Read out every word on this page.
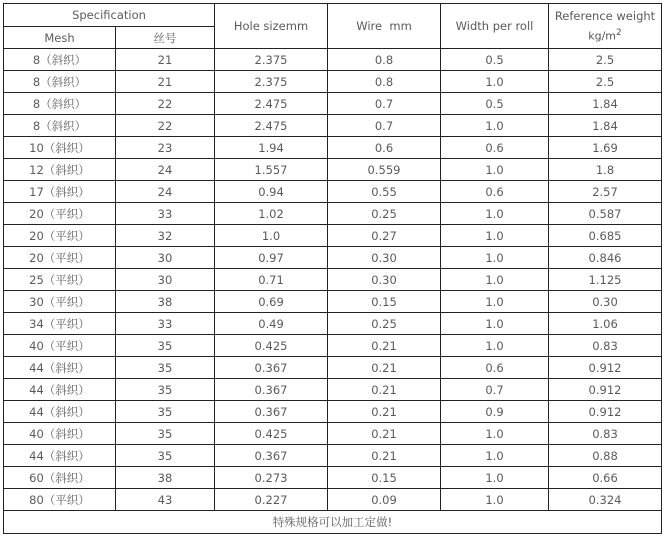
Specification		Hole sizemm	Wire  mm	Width per roll	Reference weight
$kg/m^2$

Mesh	丝号				
8（斜织）	21	2.375	0.8	0.5	2.5
8（斜织）	21	2.375	0.8	1.0	2.5
8（斜织）	22	2.475	0.7	0.5	1.84
8（斜织）	22	2.475	0.7	1.0	1.84
10（斜织）	23	1.94	0.6	0.6	1.69
12（斜织）	24	1.557	0.559	1.0	1.8
17（斜织）	24	0.94	0.55	0.6	2.57
20（平织）	33	1.02	0.25	1.0	0.587
20（平织）	32	1.0	0.27	1.0	0.685
20（平织）	30	0.97	0.30	1.0	0.846
25（平织）	30	0.71	0.30	1.0	1.125
30（平织）	38	0.69	0.15	1.0	0.30
34（平织）	33	0.49	0.25	1.0	1.06
40（平织）	35	0.425	0.21	1.0	0.83
44（斜织）	35	0.367	0.21	0.6	0.912
44（斜织）	35	0.367	0.21	0.7	0.912
44（斜织）	35	0.367	0.21	0.9	0.912
40（斜织）	35	0.425	0.21	1.0	0.83
44（斜织）	35	0.367	0.21	1.0	0.88
60（斜织）	38	0.273	0.15	1.0	0.66
80（平织）	43	0.227	0.09	1.0	0.324
特殊规格可以加工定做!					
